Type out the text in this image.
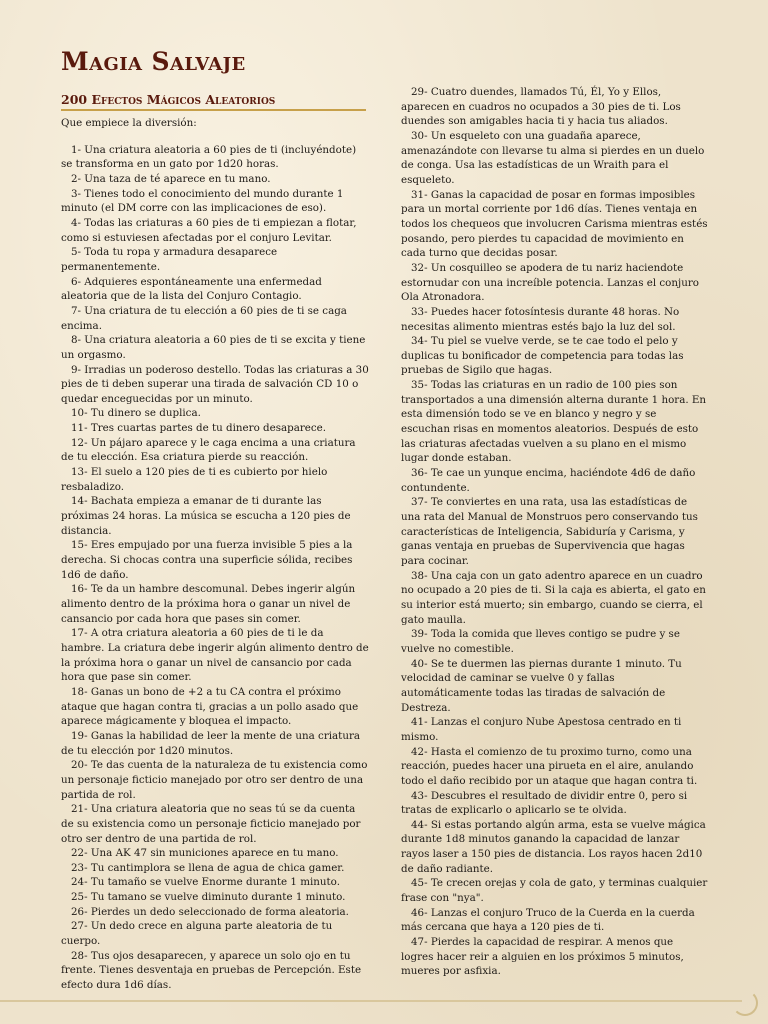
Magia Salvaje
200 Efectos Mágicos Aleatorios

Que empiece la diversión:

1- Una criatura aleatoria a 60 pies de ti (incluyéndote) se transforma en un gato por 1d20 horas.
2- Una taza de té aparece en tu mano.
3- Tienes todo el conocimiento del mundo durante 1 minuto (el DM corre con las implicaciones de eso).
4- Todas las criaturas a 60 pies de ti empiezan a flotar, como si estuviesen afectadas por el conjuro Levitar.
5- Toda tu ropa y armadura desaparece permanentemente.
6- Adquieres espontáneamente una enfermedad aleatoria que de la lista del Conjuro Contagio.
7- Una criatura de tu elección a 60 pies de ti se caga encima.
8- Una criatura aleatoria a 60 pies de ti se excita y tiene un orgasmo.
9- Irradias un poderoso destello. Todas las criaturas a 30 pies de ti deben superar una tirada de salvación CD 10 o quedar enceguecidas por un minuto.
10- Tu dinero se duplica.
11- Tres cuartas partes de tu dinero desaparece.
12- Un pájaro aparece y le caga encima a una criatura de tu elección. Esa criatura pierde su reacción.
13- El suelo a 120 pies de ti es cubierto por hielo resbaladizo.
14- Bachata empieza a emanar de ti durante las próximas 24 horas. La música se escucha a 120 pies de distancia.
15- Eres empujado por una fuerza invisible 5 pies a la derecha. Si chocas contra una superficie sólida, recibes 1d6 de daño.
16- Te da un hambre descomunal. Debes ingerir algún alimento dentro de la próxima hora o ganar un nivel de cansancio por cada hora que pases sin comer.
17- A otra criatura aleatoria a 60 pies de ti le da hambre. La criatura debe ingerir algún alimento dentro de la próxima hora o ganar un nivel de cansancio por cada hora que pase sin comer.
18- Ganas un bono de +2 a tu CA contra el próximo ataque que hagan contra ti, gracias a un pollo asado que aparece mágicamente y bloquea el impacto.
19- Ganas la habilidad de leer la mente de una criatura de tu elección por 1d20 minutos.
20- Te das cuenta de la naturaleza de tu existencia como un personaje ficticio manejado por otro ser dentro de una partida de rol.
21- Una criatura aleatoria que no seas tú se da cuenta de su existencia como un personaje ficticio manejado por otro ser dentro de una partida de rol.
22- Una AK 47 sin municiones aparece en tu mano.
23- Tu cantimplora se llena de agua de chica gamer.
24- Tu tamaño se vuelve Enorme durante 1 minuto.
25- Tu tamano se vuelve diminuto durante 1 minuto.
26- Pierdes un dedo seleccionado de forma aleatoria.
27- Un dedo crece en alguna parte aleatoria de tu cuerpo.
28- Tus ojos desaparecen, y aparece un solo ojo en tu frente. Tienes desventaja en pruebas de Percepción. Este efecto dura 1d6 días.
29- Cuatro duendes, llamados Tú, Él, Yo y Ellos, aparecen en cuadros no ocupados a 30 pies de ti. Los duendes son amigables hacia ti y hacia tus aliados.
30- Un esqueleto con una guadaña aparece, amenazándote con llevarse tu alma si pierdes en un duelo de conga. Usa las estadísticas de un Wraith para el esqueleto.
31- Ganas la capacidad de posar en formas imposibles para un mortal corriente por 1d6 días. Tienes ventaja en todos los chequeos que involucren Carisma mientras estés posando, pero pierdes tu capacidad de movimiento en cada turno que decidas posar.
32- Un cosquilleo se apodera de tu nariz haciendote estornudar con una increíble potencia. Lanzas el conjuro Ola Atronadora.
33- Puedes hacer fotosíntesis durante 48 horas. No necesitas alimento mientras estés bajo la luz del sol.
34- Tu piel se vuelve verde, se te cae todo el pelo y duplicas tu bonificador de competencia para todas las pruebas de Sigilo que hagas.
35- Todas las criaturas en un radio de 100 pies son transportados a una dimensión alterna durante 1 hora. En esta dimensión todo se ve en blanco y negro y se escuchan risas en momentos aleatorios. Después de esto las criaturas afectadas vuelven a su plano en el mismo lugar donde estaban.
36- Te cae un yunque encima, haciéndote 4d6 de daño contundente.
37- Te conviertes en una rata, usa las estadísticas de una rata del Manual de Monstruos pero conservando tus características de Inteligencia, Sabiduría y Carisma, y ganas ventaja en pruebas de Supervivencia que hagas para cocinar.
38- Una caja con un gato adentro aparece en un cuadro no ocupado a 20 pies de ti. Si la caja es abierta, el gato en su interior está muerto; sin embargo, cuando se cierra, el gato maulla.
39- Toda la comida que lleves contigo se pudre y se vuelve no comestible.
40- Se te duermen las piernas durante 1 minuto. Tu velocidad de caminar se vuelve 0 y fallas automáticamente todas las tiradas de salvación de Destreza.
41- Lanzas el conjuro Nube Apestosa centrado en ti mismo.
42- Hasta el comienzo de tu proximo turno, como una reacción, puedes hacer una pirueta en el aire, anulando todo el daño recibido por un ataque que hagan contra ti.
43- Descubres el resultado de dividir entre 0, pero si tratas de explicarlo o aplicarlo se te olvida.
44- Si estas portando algún arma, esta se vuelve mágica durante 1d8 minutos ganando la capacidad de lanzar rayos laser a 150 pies de distancia. Los rayos hacen 2d10 de daño radiante.
45- Te crecen orejas y cola de gato, y terminas cualquier frase con "nya".
46- Lanzas el conjuro Truco de la Cuerda en la cuerda más cercana que haya a 120 pies de ti.
47- Pierdes la capacidad de respirar. A menos que logres hacer reir a alguien en los próximos 5 minutos, mueres por asfixia.
